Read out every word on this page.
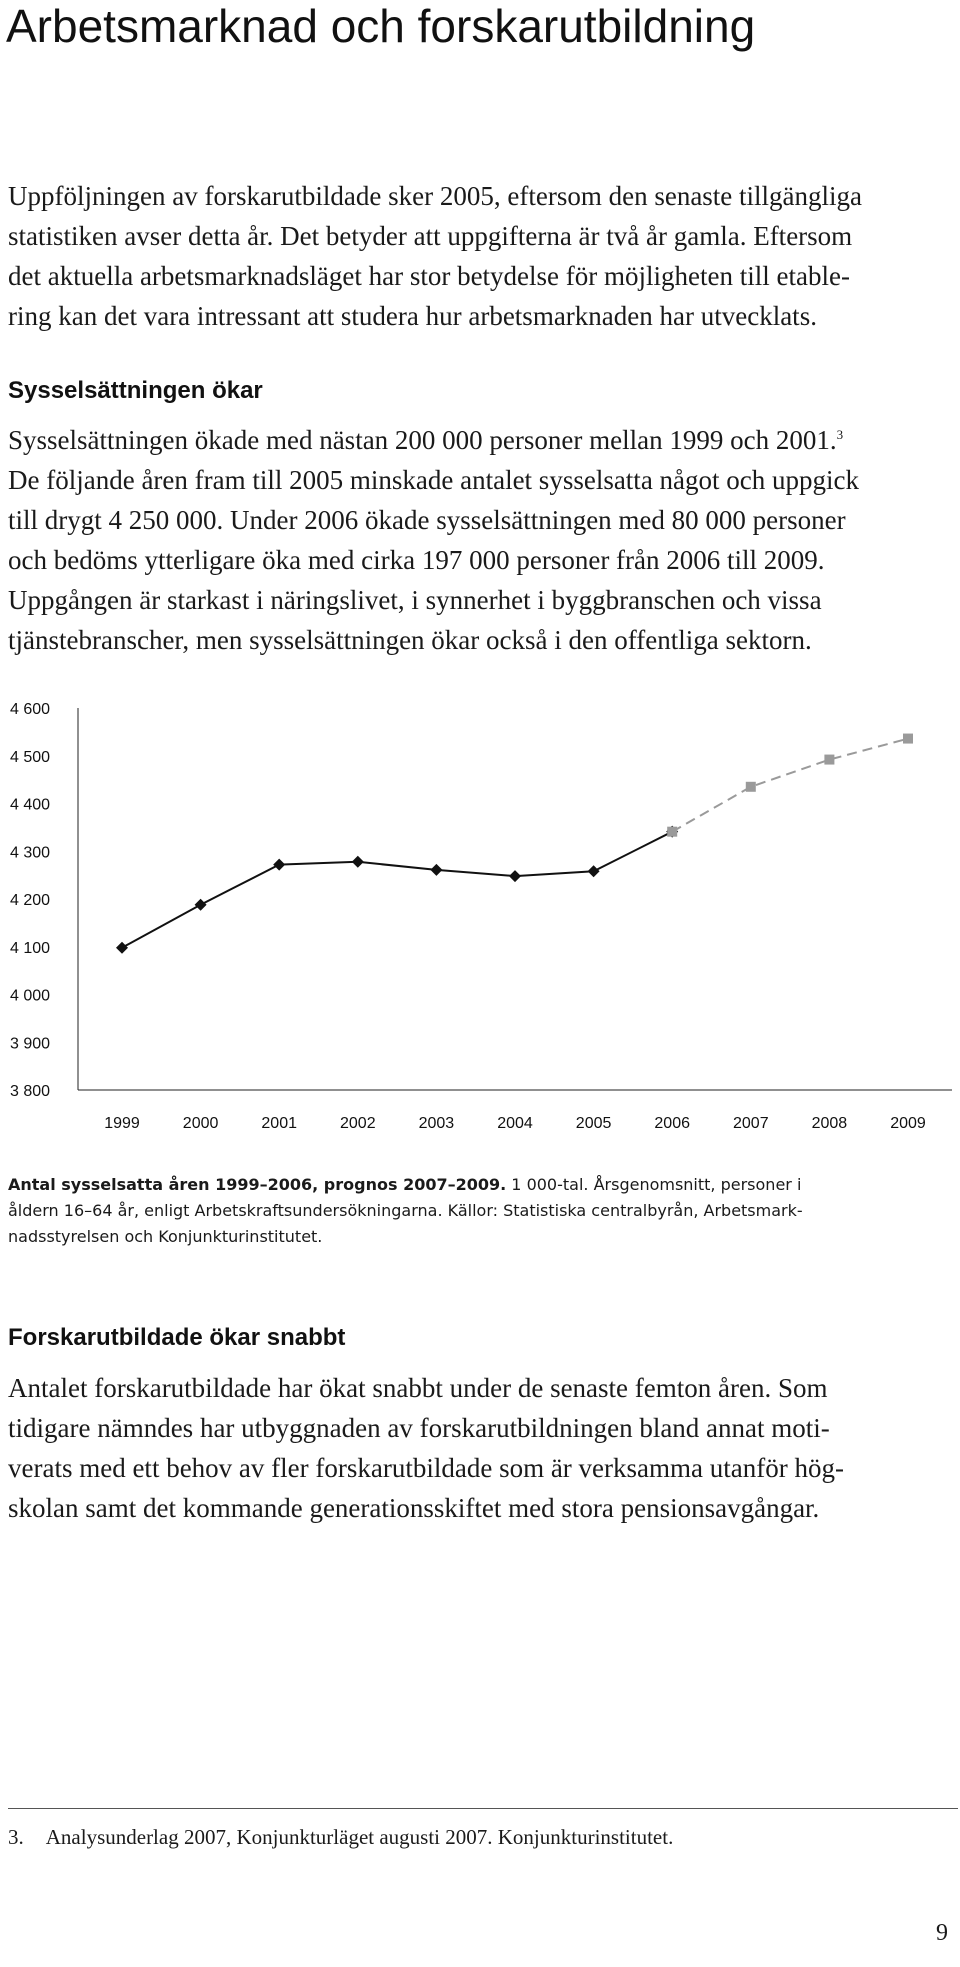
Arbetsmarknad och forskarutbildning
Uppföljningen av forskarutbildade sker 2005, eftersom den senaste tillgängliga
statistiken avser detta år. Det betyder att uppgifterna är två år gamla. Eftersom
det aktuella arbetsmarknadsläget har stor betydelse för möjligheten till etable-
ring kan det vara intressant att studera hur arbetsmarknaden har utvecklats.
Sysselsättningen ökar
Sysselsättningen ökade med nästan 200 000 personer mellan 1999 och 2001.$^3$
De följande åren fram till 2005 minskade antalet sysselsatta något och uppgick
till drygt 4 250 000. Under 2006 ökade sysselsättningen med 80 000 personer
och bedöms ytterligare öka med cirka 197 000 personer från 2006 till 2009.
Uppgången är starkast i näringslivet, i synnerhet i byggbranschen och vissa
tjänstebranscher, men sysselsättningen ökar också i den offentliga sektorn.
4 600
4 500
4 400
4 300
4 200
4 100
4 000
3 900
3 800
1999	2000	2001	2002	2003	2004	2005	2006	2007	2008	2009
Antal sysselsatta åren 1999–2006, prognos 2007–2009. 1 000-tal. Årsgenomsnitt, personer i
åldern 16–64 år, enligt Arbetskraftsundersökningarna. Källor: Statistiska centralbyrån, Arbetsmark-
nadsstyrelsen och Konjunkturinstitutet.
Forskarutbildade ökar snabbt
Antalet forskarutbildade har ökat snabbt under de senaste femton åren. Som
tidigare nämndes har utbyggnaden av forskarutbildningen bland annat moti-
verats med ett behov av fler forskarutbildade som är verksamma utanför hög-
skolan samt det kommande generationsskiftet med stora pensionsavgångar.

3. Analysunderlag 2007, Konjunkturläget augusti 2007. Konjunkturinstitutet.

9
